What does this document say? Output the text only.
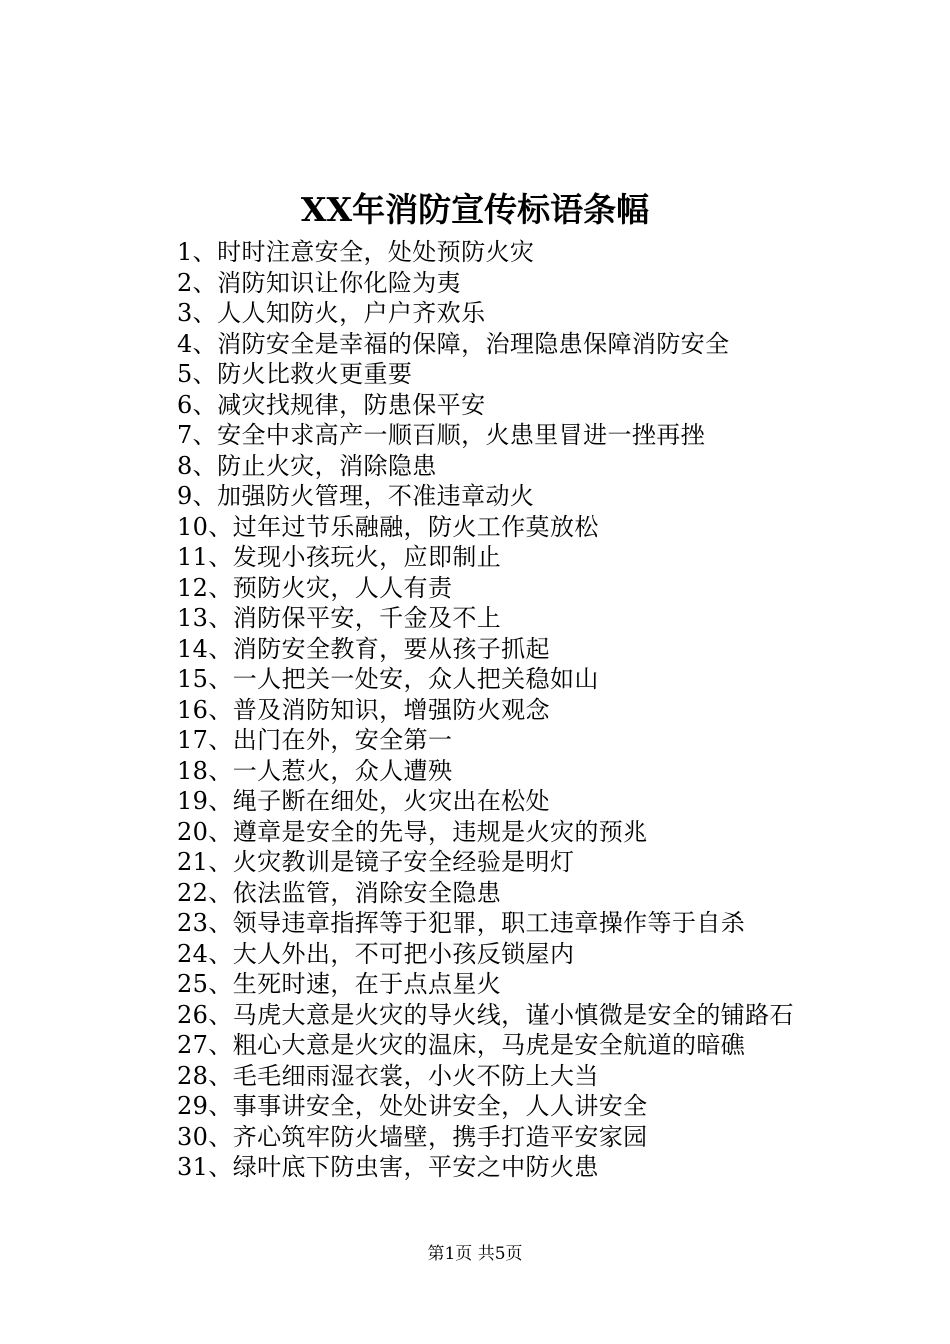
XX年消防宣传标语条幅
1、时时注意安全，处处预防火灾
2、消防知识让你化险为夷
3、人人知防火，户户齐欢乐
4、消防安全是幸福的保障，治理隐患保障消防安全
5、防火比救火更重要
6、减灾找规律，防患保平安
7、安全中求高产一顺百顺，火患里冒进一挫再挫
8、防止火灾，消除隐患
9、加强防火管理，不准违章动火
10、过年过节乐融融，防火工作莫放松
11、发现小孩玩火，应即制止
12、预防火灾，人人有责
13、消防保平安，千金及不上
14、消防安全教育，要从孩子抓起
15、一人把关一处安，众人把关稳如山
16、普及消防知识，增强防火观念
17、出门在外，安全第一
18、一人惹火，众人遭殃
19、绳子断在细处，火灾出在松处
20、遵章是安全的先导，违规是火灾的预兆
21、火灾教训是镜子安全经验是明灯
22、依法监管，消除安全隐患
23、领导违章指挥等于犯罪，职工违章操作等于自杀
24、大人外出，不可把小孩反锁屋内
25、生死时速，在于点点星火
26、马虎大意是火灾的导火线，谨小慎微是安全的铺路石
27、粗心大意是火灾的温床，马虎是安全航道的暗礁
28、毛毛细雨湿衣裳，小火不防上大当
29、事事讲安全，处处讲安全，人人讲安全
30、齐心筑牢防火墙壁，携手打造平安家园
31、绿叶底下防虫害，平安之中防火患
第1页 共5页
